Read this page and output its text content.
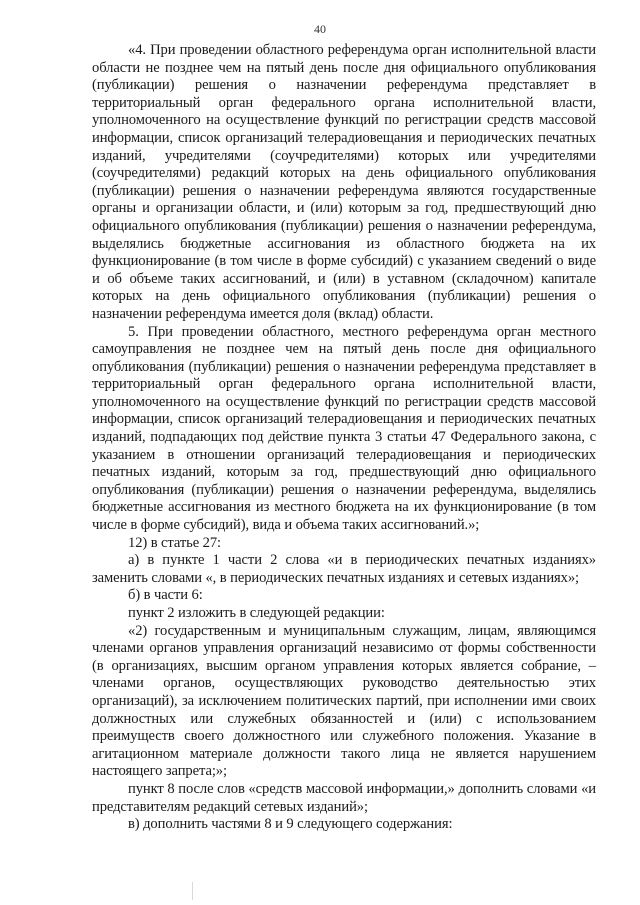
40

«4. При проведении областного референдума орган исполнительной власти области не позднее чем на пятый день после дня официального опубликования (публикации) решения о назначении референдума представляет в территориальный орган федерального органа исполнительной власти, уполномоченного на осуществление функций по регистрации средств массовой информации, список организаций телерадиовещания и периодических печатных изданий, учредителями (соучредителями) которых или учредителями (соучредителями) редакций которых на день официального опубликования (публикации) решения о назначении референдума являются государственные органы и организации области, и (или) которым за год, предшествующий дню официального опубликования (публикации) решения о назначении референдума, выделялись бюджетные ассигнования из областного бюджета на их функционирование (в том числе в форме субсидий) с указанием сведений о виде и об объеме таких ассигнований, и (или) в уставном (складочном) капитале которых на день официального опубликования (публикации) решения о назначении референдума имеется доля (вклад) области.

5. При проведении областного, местного референдума орган местного самоуправления не позднее чем на пятый день после дня официального опубликования (публикации) решения о назначении референдума представляет в территориальный орган федерального органа исполнительной власти, уполномоченного на осуществление функций по регистрации средств массовой информации, список организаций телерадиовещания и периодических печатных изданий, подпадающих под действие пункта 3 статьи 47 Федерального закона, с указанием в отношении организаций телерадиовещания и периодических печатных изданий, которым за год, предшествующий дню официального опубликования (публикации) решения о назначении референдума, выделялись бюджетные ассигнования из местного бюджета на их функционирование (в том числе в форме субсидий), вида и объема таких ассигнований.»;

12) в статье 27:

а) в пункте 1 части 2 слова «и в периодических печатных изданиях» заменить словами «, в периодических печатных изданиях и сетевых изданиях»;

б) в части 6:

пункт 2 изложить в следующей редакции:

«2) государственным и муниципальным служащим, лицам, являющимся членами органов управления организаций независимо от формы собственности (в организациях, высшим органом управления которых является собрание, – членами органов, осуществляющих руководство деятельностью этих организаций), за исключением политических партий, при исполнении ими своих должностных или служебных обязанностей и (или) с использованием преимуществ своего должностного или служебного положения. Указание в агитационном материале должности такого лица не является нарушением настоящего запрета;»;

пункт 8 после слов «средств массовой информации,» дополнить словами «и представителям редакций сетевых изданий»;

в) дополнить частями 8 и 9 следующего содержания:
